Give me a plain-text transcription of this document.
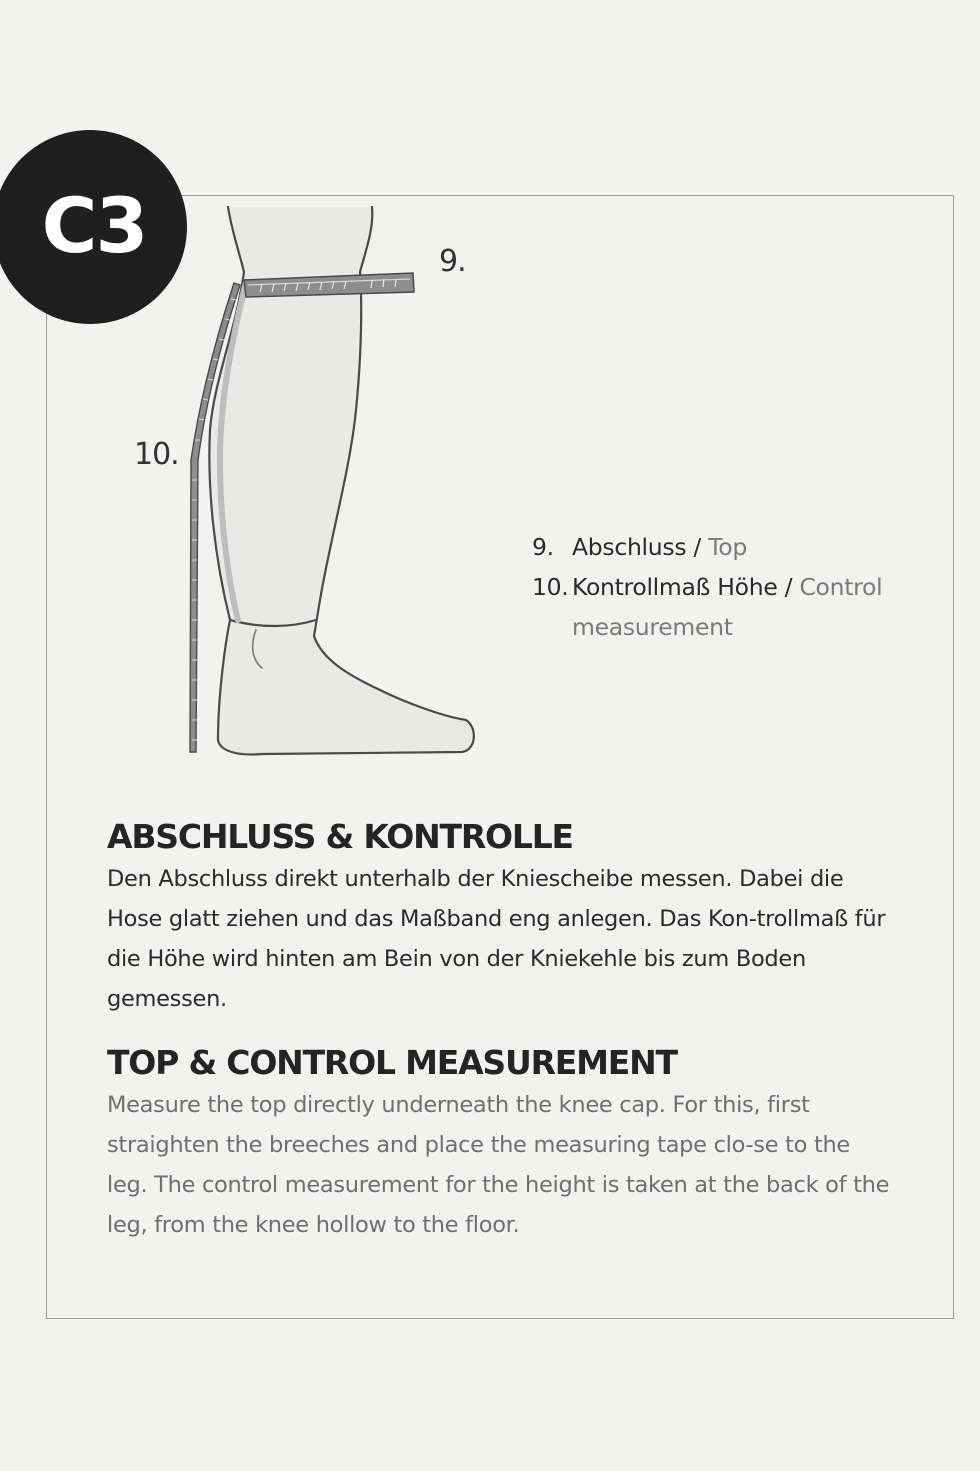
C3	9.
10.
9. Abschluss / Top
10. Kontrollmaß Höhe / Control measurement
ABSCHLUSS & KONTROLLE

Den Abschluss direkt unterhalb der Kniescheibe messen. Dabei die Hose glatt ziehen und das Maßband eng anlegen. Das Kon-trollmaß für die Höhe wird hinten am Bein von der Kniekehle bis zum Boden gemessen.

TOP & CONTROL MEASUREMENT

Measure the top directly underneath the knee cap. For this, first straighten the breeches and place the measuring tape clo-se to the leg. The control measurement for the height is taken at the back of the leg, from the knee hollow to the floor.
